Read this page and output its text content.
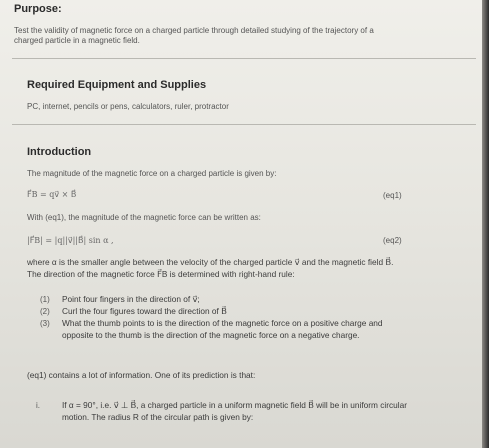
Purpose:
Test the validity of magnetic force on a charged particle through detailed studying of the trajectory of a
charged particle in a magnetic field.
Required Equipment and Supplies
PC, internet, pencils or pens, calculators, ruler, protractor
Introduction
The magnitude of the magnetic force on a charged particle is given by:
F⃗B = qv⃗ × B⃗	(eq1)
With (eq1), the magnitude of the magnetic force can be written as:
|F⃗B| = |q||v⃗||B⃗| sin α ,	(eq2)
where α is the smaller angle between the velocity of the charged particle v⃗ and the magnetic field B⃗.
The direction of the magnetic force F⃗B is determined with right-hand rule:
(1) Point four fingers in the direction of v⃗;
(2) Curl the four figures toward the direction of B⃗
(3) What the thumb points to is the direction of the magnetic force on a positive charge and
opposite to the thumb is the direction of the magnetic force on a negative charge.
(eq1) contains a lot of information. One of its prediction is that:
i.	If α = 90°, i.e. v⃗ ⊥ B⃗, a charged particle in a uniform magnetic field B⃗ will be in uniform circular
motion. The radius R of the circular path is given by:
